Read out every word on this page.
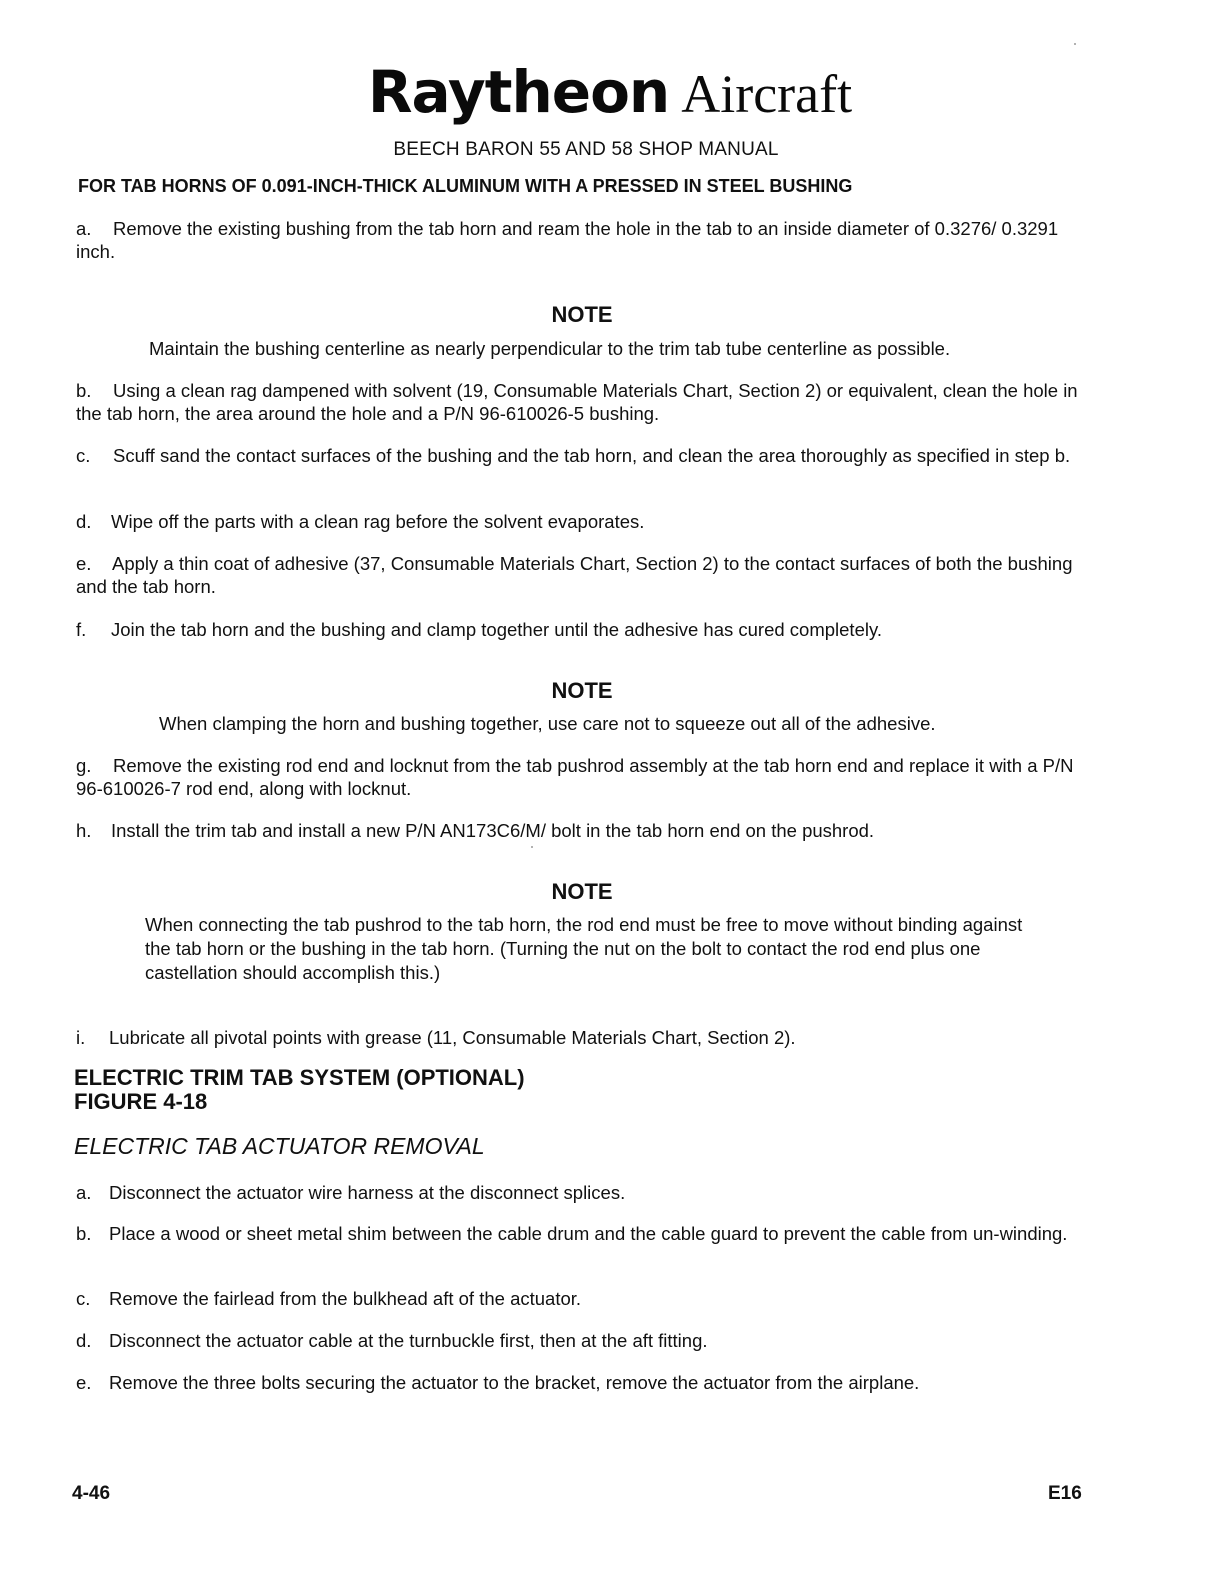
Raytheon Aircraft
BEECH BARON 55 AND 58 SHOP MANUAL
FOR TAB HORNS OF 0.091-INCH-THICK ALUMINUM WITH A PRESSED IN STEEL BUSHING
a. Remove the existing bushing from the tab horn and ream the hole in the tab to an inside diameter of 0.3276/ 0.3291 inch.
NOTE
Maintain the bushing centerline as nearly perpendicular to the trim tab tube centerline as possible.
b. Using a clean rag dampened with solvent (19, Consumable Materials Chart, Section 2) or equivalent, clean the hole in the tab horn, the area around the hole and a P/N 96-610026-5 bushing.
c. Scuff sand the contact surfaces of the bushing and the tab horn, and clean the area thoroughly as specified in step b.
d. Wipe off the parts with a clean rag before the solvent evaporates.
e. Apply a thin coat of adhesive (37, Consumable Materials Chart, Section 2) to the contact surfaces of both the bushing and the tab horn.
f. Join the tab horn and the bushing and clamp together until the adhesive has cured completely.
NOTE
When clamping the horn and bushing together, use care not to squeeze out all of the adhesive.
g. Remove the existing rod end and locknut from the tab pushrod assembly at the tab horn end and replace it with a P/N 96-610026-7 rod end, along with locknut.
h. Install the trim tab and install a new P/N AN173C6/M/ bolt in the tab horn end on the pushrod.
NOTE
When connecting the tab pushrod to the tab horn, the rod end must be free to move without binding against the tab horn or the bushing in the tab horn. (Turning the nut on the bolt to contact the rod end plus one castellation should accomplish this.)
i. Lubricate all pivotal points with grease (11, Consumable Materials Chart, Section 2).
ELECTRIC TRIM TAB SYSTEM (OPTIONAL)
FIGURE 4-18
ELECTRIC TAB ACTUATOR REMOVAL
a. Disconnect the actuator wire harness at the disconnect splices.
b. Place a wood or sheet metal shim between the cable drum and the cable guard to prevent the cable from un-winding.
c. Remove the fairlead from the bulkhead aft of the actuator.
d. Disconnect the actuator cable at the turnbuckle first, then at the aft fitting.
e. Remove the three bolts securing the actuator to the bracket, remove the actuator from the airplane.
4-46	E16
